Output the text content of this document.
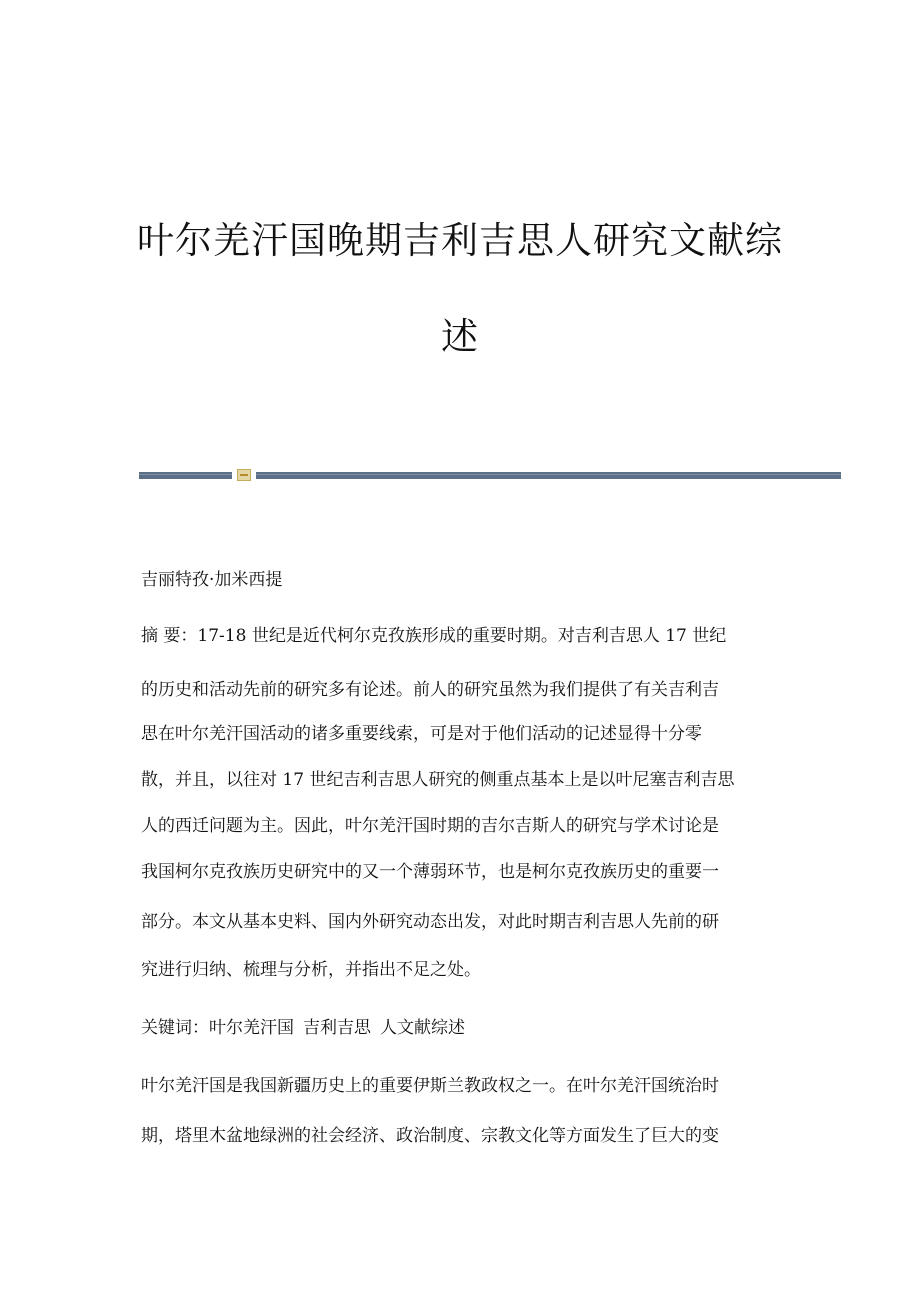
叶尔羌汗国晚期吉利吉思人研究文献综
述

吉丽特孜·加米西提

摘 要：17-18 世纪是近代柯尔克孜族形成的重要时期。对吉利吉思人 17 世纪

的历史和活动先前的研究多有论述。前人的研究虽然为我们提供了有关吉利吉

思在叶尔羌汗国活动的诸多重要线索，可是对于他们活动的记述显得十分零

散，并且，以往对 17 世纪吉利吉思人研究的侧重点基本上是以叶尼塞吉利吉思

人的西迁问题为主。因此，叶尔羌汗国时期的吉尔吉斯人的研究与学术讨论是

我国柯尔克孜族历史研究中的又一个薄弱环节，也是柯尔克孜族历史的重要一

部分。本文从基本史料、国内外研究动态出发，对此时期吉利吉思人先前的研

究进行归纳、梳理与分析，并指出不足之处。

关键词：叶尔羌汗国 吉利吉思 人文献综述

叶尔羌汗国是我国新疆历史上的重要伊斯兰教政权之一。在叶尔羌汗国统治时

期，塔里木盆地绿洲的社会经济、政治制度、宗教文化等方面发生了巨大的变
